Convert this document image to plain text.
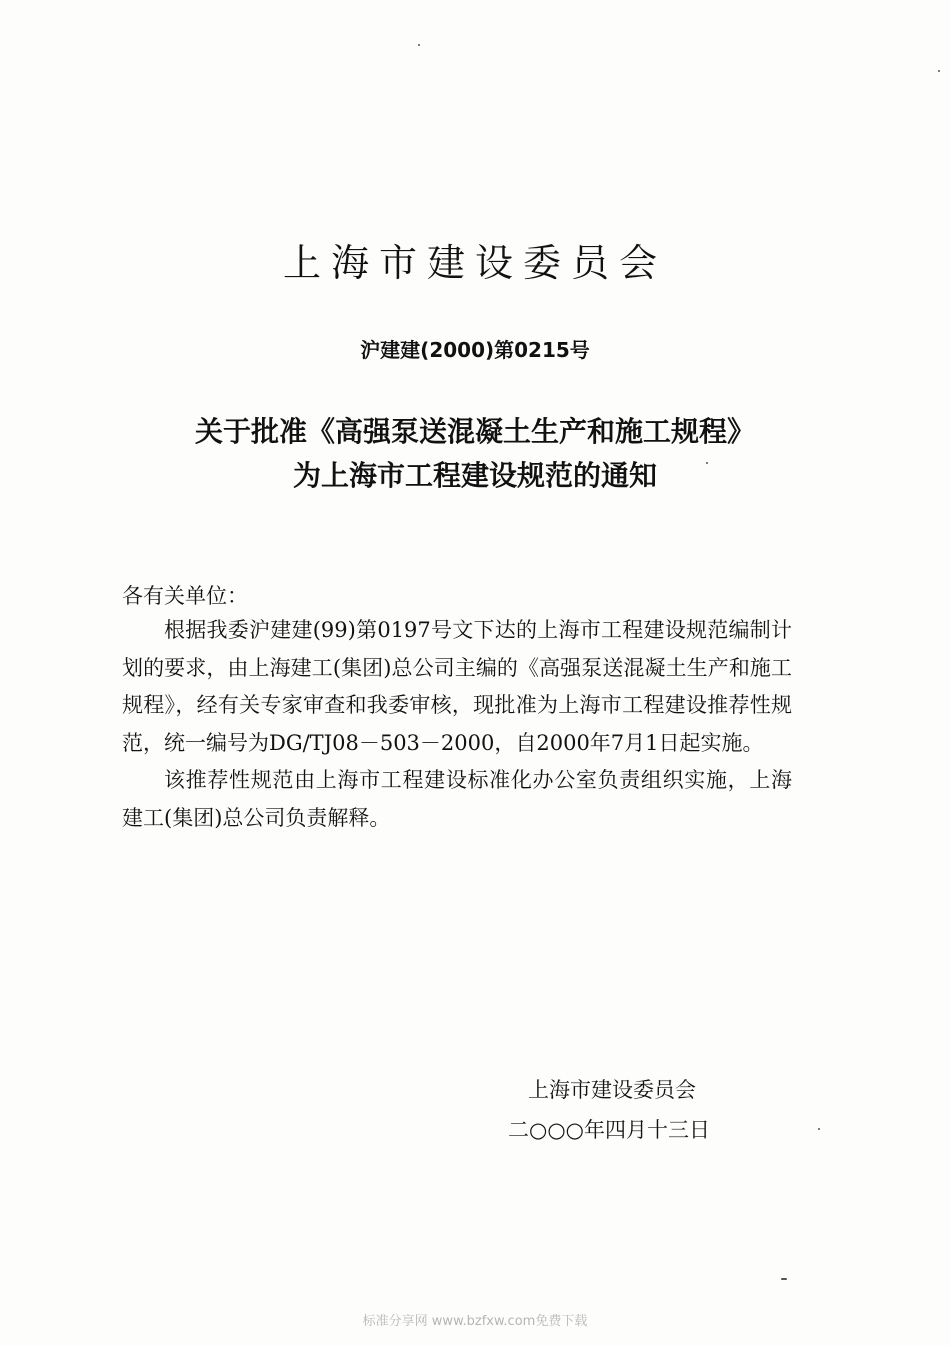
上海市建设委员会
沪建建(2000)第0215号
关于批准《高强泵送混凝土生产和施工规程》
为上海市工程建设规范的通知
各有关单位：

根据我委沪建建(99)第0197号文下达的上海市工程建设规范编制计划的要求，由上海建工(集团)总公司主编的《高强泵送混凝土生产和施工规程》，经有关专家审查和我委审核，现批准为上海市工程建设推荐性规范，统一编号为DG/TJ08－503－2000，自2000年7月1日起实施。

该推荐性规范由上海市工程建设标准化办公室负责组织实施，上海建工(集团)总公司负责解释。

上海市建设委员会
二○○○年四月十三日
标准分享网 www.bzfxw.com免费下载
